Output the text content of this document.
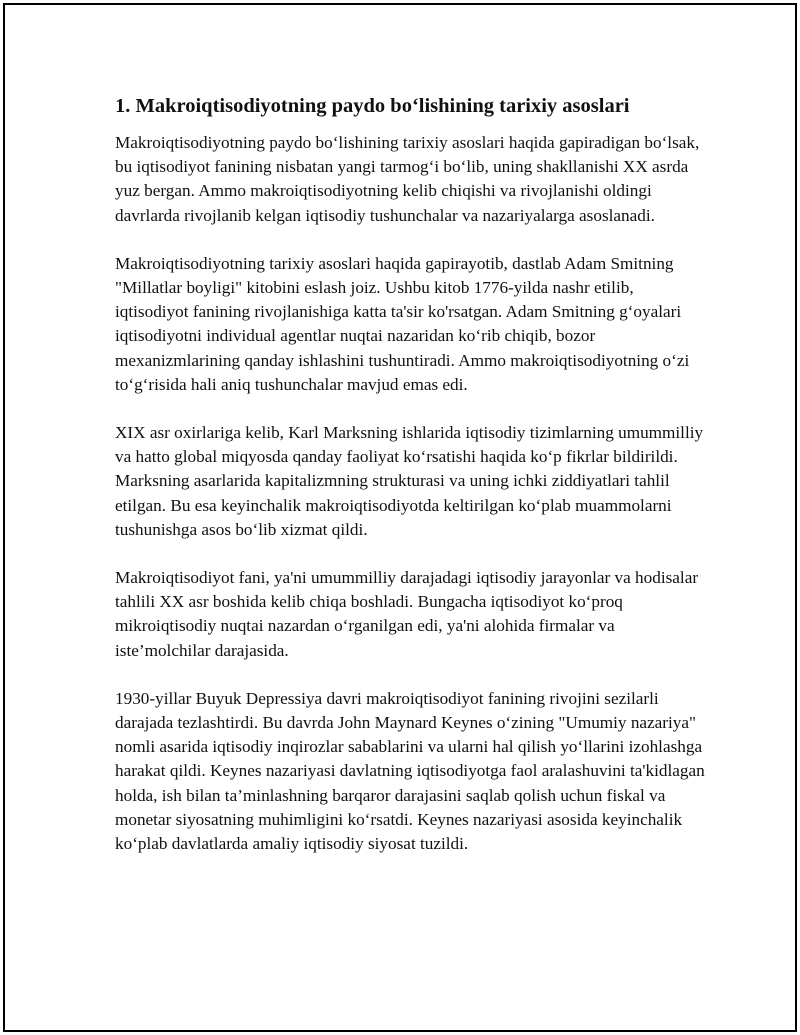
1. Makroiqtisodiyotning paydo bo‘lishining tarixiy asoslari

Makroiqtisodiyotning paydo bo‘lishining tarixiy asoslari haqida gapiradigan bo‘lsak, bu iqtisodiyot fanining nisbatan yangi tarmog‘i bo‘lib, uning shakllanishi XX asrda yuz bergan. Ammo makroiqtisodiyotning kelib chiqishi va rivojlanishi oldingi davrlarda rivojlanib kelgan iqtisodiy tushunchalar va nazariyalarga asoslanadi.

Makroiqtisodiyotning tarixiy asoslari haqida gapirayotib, dastlab Adam Smitning "Millatlar boyligi" kitobini eslash joiz. Ushbu kitob 1776-yilda nashr etilib, iqtisodiyot fanining rivojlanishiga katta ta'sir ko'rsatgan. Adam Smitning g‘oyalari iqtisodiyotni individual agentlar nuqtai nazaridan ko‘rib chiqib, bozor mexanizmlarining qanday ishlashini tushuntiradi. Ammo makroiqtisodiyotning o‘zi to‘g‘risida hali aniq tushunchalar mavjud emas edi.

XIX asr oxirlariga kelib, Karl Marksning ishlarida iqtisodiy tizimlarning umummilliy va hatto global miqyosda qanday faoliyat ko‘rsatishi haqida ko‘p fikrlar bildirildi. Marksning asarlarida kapitalizmning strukturasi va uning ichki ziddiyatlari tahlil etilgan. Bu esa keyinchalik makroiqtisodiyotda keltirilgan ko‘plab muammolarni tushunishga asos bo‘lib xizmat qildi.

Makroiqtisodiyot fani, ya'ni umummilliy darajadagi iqtisodiy jarayonlar va hodisalar tahlili XX asr boshida kelib chiqa boshladi. Bungacha iqtisodiyot ko‘proq mikroiqtisodiy nuqtai nazardan o‘rganilgan edi, ya'ni alohida firmalar va iste’molchilar darajasida.

1930-yillar Buyuk Depressiya davri makroiqtisodiyot fanining rivojini sezilarli darajada tezlashtirdi. Bu davrda John Maynard Keynes o‘zining "Umumiy nazariya" nomli asarida iqtisodiy inqirozlar sabablarini va ularni hal qilish yo‘llarini izohlashga harakat qildi. Keynes nazariyasi davlatning iqtisodiyotga faol aralashuvini ta'kidlagan holda, ish bilan ta’minlashning barqaror darajasini saqlab qolish uchun fiskal va monetar siyosatning muhimligini ko‘rsatdi. Keynes nazariyasi asosida keyinchalik ko‘plab davlatlarda amaliy iqtisodiy siyosat tuzildi.
